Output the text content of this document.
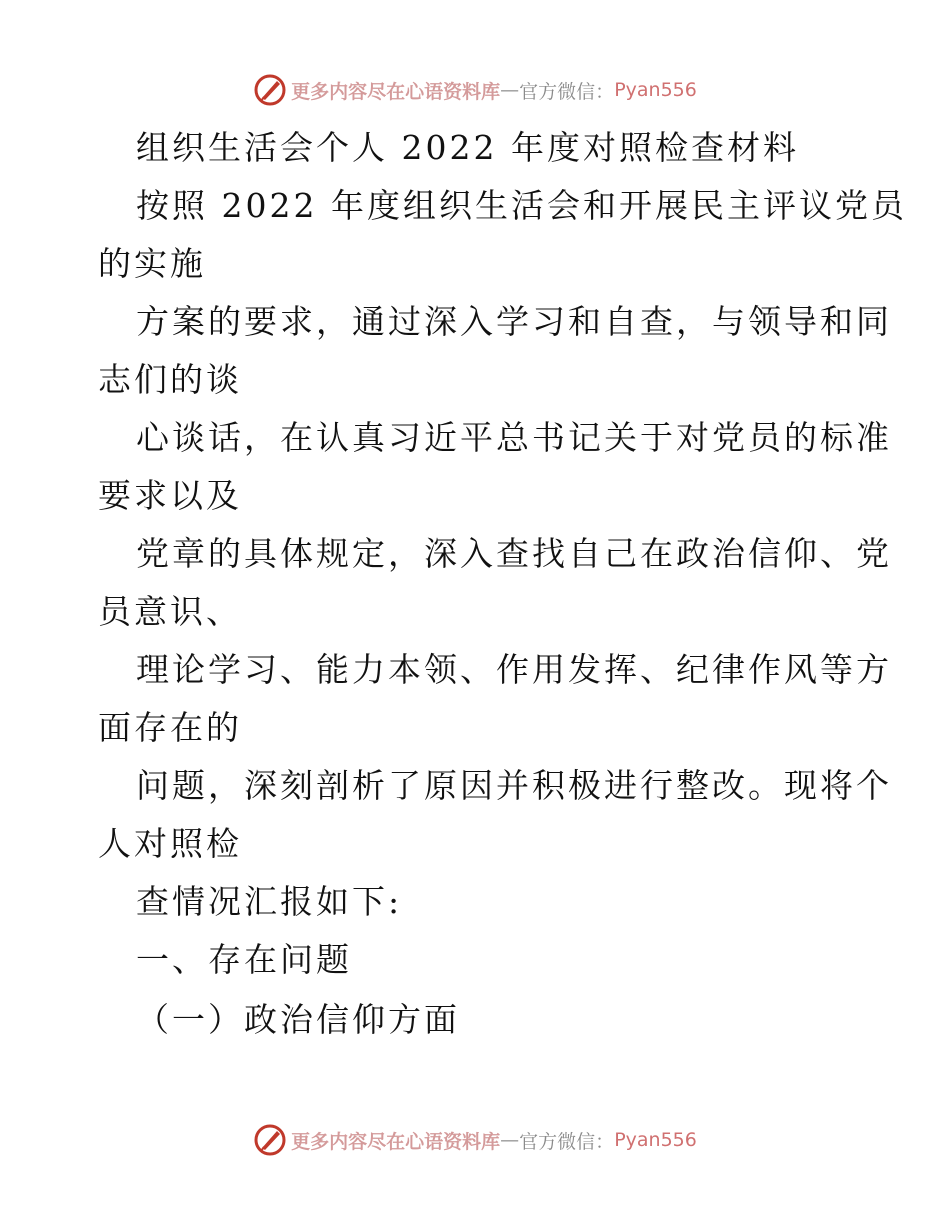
更多内容尽在心语资料库 — 官方微信： Pyan556
组织生活会个人 2022 年度对照检查材料
按照 2022 年度组织生活会和开展民主评议党员
的实施
方案的要求，通过深入学习和自查，与领导和同
志们的谈
心谈话，在认真习近平总书记关于对党员的标准
要求以及
党章的具体规定，深入查找自己在政治信仰、党
员意识、
理论学习、能力本领、作用发挥、纪律作风等方
面存在的
问题，深刻剖析了原因并积极进行整改。现将个
人对照检
查情况汇报如下:
一、存在问题
（一）政治信仰方面
更多内容尽在心语资料库 — 官方微信： Pyan556
